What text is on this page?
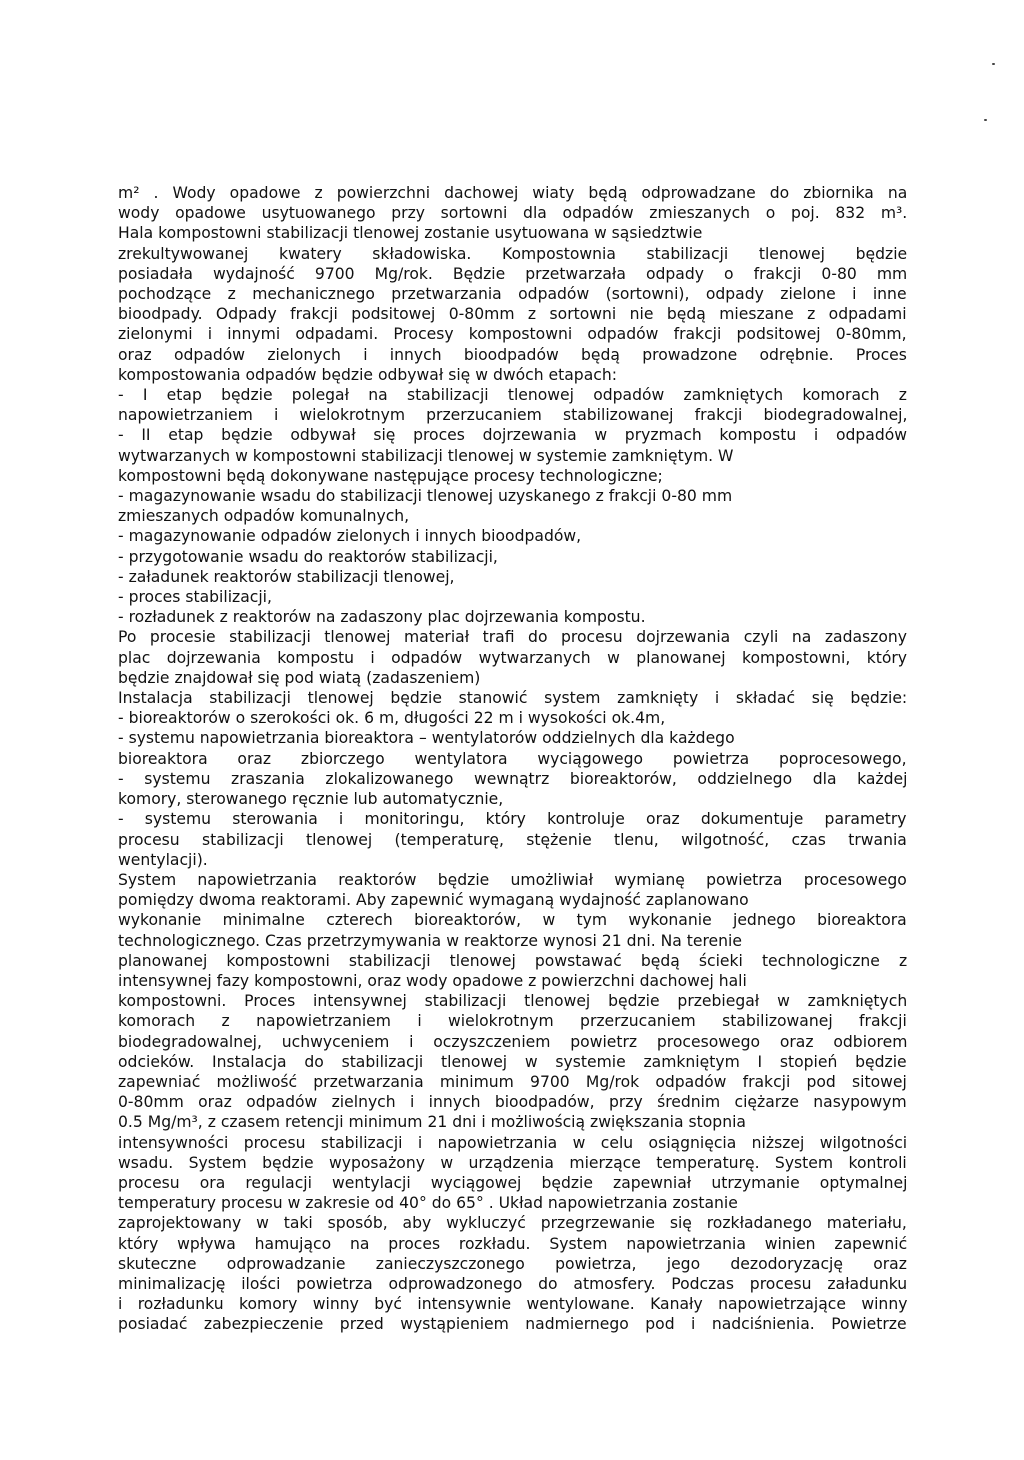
m² . Wody opadowe z powierzchni dachowej wiaty będą odprowadzane do zbiornika na
wody opadowe usytuowanego przy sortowni dla odpadów zmieszanych o poj. 832 m³.
Hala kompostowni stabilizacji tlenowej zostanie usytuowana w sąsiedztwie
zrekultywowanej kwatery składowiska. Kompostownia stabilizacji tlenowej będzie
posiadała wydajność 9700 Mg/rok. Będzie przetwarzała odpady o frakcji 0-80 mm
pochodzące z mechanicznego przetwarzania odpadów (sortowni), odpady zielone i inne
bioodpady. Odpady frakcji podsitowej 0-80mm z sortowni nie będą mieszane z odpadami
zielonymi i innymi odpadami. Procesy kompostowni odpadów frakcji podsitowej 0-80mm,
oraz odpadów zielonych i innych bioodpadów będą prowadzone odrębnie. Proces
kompostowania odpadów będzie odbywał się w dwóch etapach:
- I etap będzie polegał na stabilizacji tlenowej odpadów zamkniętych komorach z
napowietrzaniem i wielokrotnym przerzucaniem stabilizowanej frakcji biodegradowalnej,
- II etap będzie odbywał się proces dojrzewania w pryzmach kompostu i odpadów
wytwarzanych w kompostowni stabilizacji tlenowej w systemie zamkniętym. W
kompostowni będą dokonywane następujące procesy technologiczne;
- magazynowanie wsadu do stabilizacji tlenowej uzyskanego z frakcji 0-80 mm
zmieszanych odpadów komunalnych,
- magazynowanie odpadów zielonych i innych bioodpadów,
- przygotowanie wsadu do reaktorów stabilizacji,
- załadunek reaktorów stabilizacji tlenowej,
- proces stabilizacji,
- rozładunek z reaktorów na zadaszony plac dojrzewania kompostu.
Po procesie stabilizacji tlenowej materiał trafi do procesu dojrzewania czyli na zadaszony
plac dojrzewania kompostu i odpadów wytwarzanych w planowanej kompostowni, który
będzie znajdował się pod wiatą (zadaszeniem)
Instalacja stabilizacji tlenowej będzie stanowić system zamknięty i składać się będzie:
- bioreaktorów o szerokości ok. 6 m, długości 22 m i wysokości ok.4m,
- systemu napowietrzania bioreaktora – wentylatorów oddzielnych dla każdego
bioreaktora oraz zbiorczego wentylatora wyciągowego powietrza poprocesowego,
- systemu zraszania zlokalizowanego wewnątrz bioreaktorów, oddzielnego dla każdej
komory, sterowanego ręcznie lub automatycznie,
- systemu sterowania i monitoringu, który kontroluje oraz dokumentuje parametry
procesu stabilizacji tlenowej (temperaturę, stężenie tlenu, wilgotność, czas trwania
wentylacji).
System napowietrzania reaktorów będzie umożliwiał wymianę powietrza procesowego
pomiędzy dwoma reaktorami. Aby zapewnić wymaganą wydajność zaplanowano
wykonanie minimalne czterech bioreaktorów, w tym wykonanie jednego bioreaktora
technologicznego. Czas przetrzymywania w reaktorze wynosi 21 dni. Na terenie
planowanej kompostowni stabilizacji tlenowej powstawać będą ścieki technologiczne z
intensywnej fazy kompostowni, oraz wody opadowe z powierzchni dachowej hali
kompostowni. Proces intensywnej stabilizacji tlenowej będzie przebiegał w zamkniętych
komorach z napowietrzaniem i wielokrotnym przerzucaniem stabilizowanej frakcji
biodegradowalnej, uchwyceniem i oczyszczeniem powietrz procesowego oraz odbiorem
odcieków. Instalacja do stabilizacji tlenowej w systemie zamkniętym I stopień będzie
zapewniać możliwość przetwarzania minimum 9700 Mg/rok odpadów frakcji pod sitowej
0-80mm oraz odpadów zielnych i innych bioodpadów, przy średnim ciężarze nasypowym
0.5 Mg/m³, z czasem retencji minimum 21 dni i możliwością zwiększania stopnia
intensywności procesu stabilizacji i napowietrzania w celu osiągnięcia niższej wilgotności
wsadu. System będzie wyposażony w urządzenia mierzące temperaturę. System kontroli
procesu ora regulacji wentylacji wyciągowej będzie zapewniał utrzymanie optymalnej
temperatury procesu w zakresie od 40° do 65° . Układ napowietrzania zostanie
zaprojektowany w taki sposób, aby wykluczyć przegrzewanie się rozkładanego materiału,
który wpływa hamująco na proces rozkładu. System napowietrzania winien zapewnić
skuteczne odprowadzanie zanieczyszczonego powietrza, jego dezodoryzację oraz
minimalizację ilości powietrza odprowadzonego do atmosfery. Podczas procesu załadunku
i rozładunku komory winny być intensywnie wentylowane. Kanały napowietrzające winny
posiadać zabezpieczenie przed wystąpieniem nadmiernego pod i nadciśnienia. Powietrze
